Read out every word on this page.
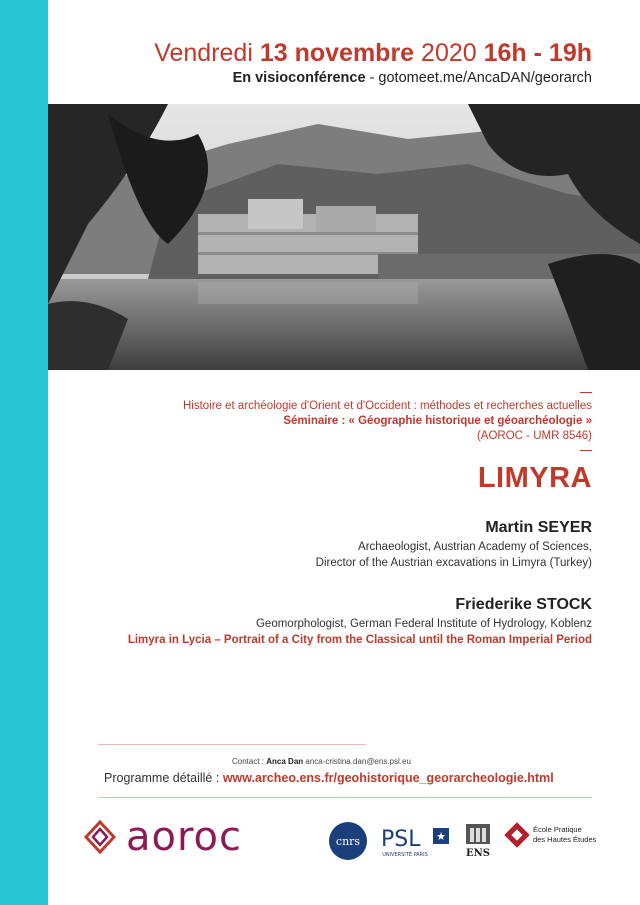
Vendredi 13 novembre 2020 16h - 19h
En visioconférence - gotomeet.me/AncaDAN/georarch
Histoire et archéologie d'Orient et d'Occident : méthodes et recherches actuelles
Séminaire : « Géographie historique et géoarchéologie »
(AOROC - UMR 8546)
LIMYRA
Martin SEYER
Archaeologist, Austrian Academy of Sciences,
Director of the Austrian excavations in Limyra (Turkey)
Friederike STOCK
Geomorphologist, German Federal Institute of Hydrology, Koblenz
Limyra in Lycia – Portrait of a City from the Classical until the Roman Imperial Period
Contact : Anca Dan anca-cristina.dan@ens.psl.eu
Programme détaillé : www.archeo.ens.fr/geohistorique_georarcheologie.html
aoroc	cnrs PSL ★
UNIVERSITÉ PARIS	ENS
École Pratique
des Hautes Études
